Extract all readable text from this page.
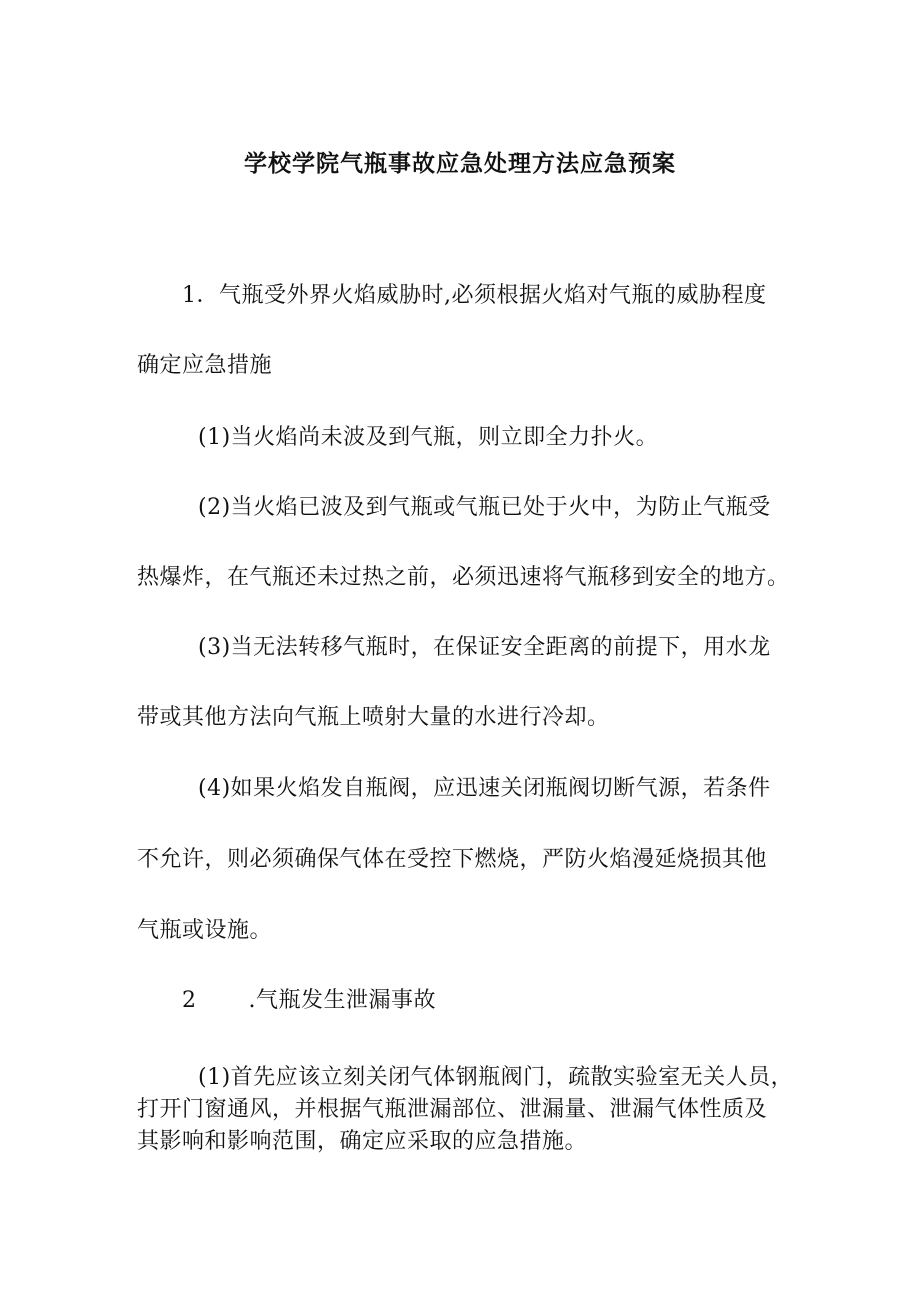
学校学院气瓶事故应急处理方法应急预案
1．气瓶受外界火焰威胁时,必须根据火焰对气瓶的威胁程度
确定应急措施
(1)当火焰尚未波及到气瓶，则立即全力扑火。
(2)当火焰已波及到气瓶或气瓶已处于火中，为防止气瓶受
热爆炸，在气瓶还未过热之前，必须迅速将气瓶移到安全的地方。
(3)当无法转移气瓶时，在保证安全距离的前提下，用水龙
带或其他方法向气瓶上喷射大量的水进行冷却。
(4)如果火焰发自瓶阀，应迅速关闭瓶阀切断气源，若条件
不允许，则必须确保气体在受控下燃烧，严防火焰漫延烧损其他
气瓶或设施。
2 .气瓶发生泄漏事故
(1)首先应该立刻关闭气体钢瓶阀门，疏散实验室无关人员，
打开门窗通风，并根据气瓶泄漏部位、泄漏量、泄漏气体性质及
其影响和影响范围，确定应采取的应急措施。
